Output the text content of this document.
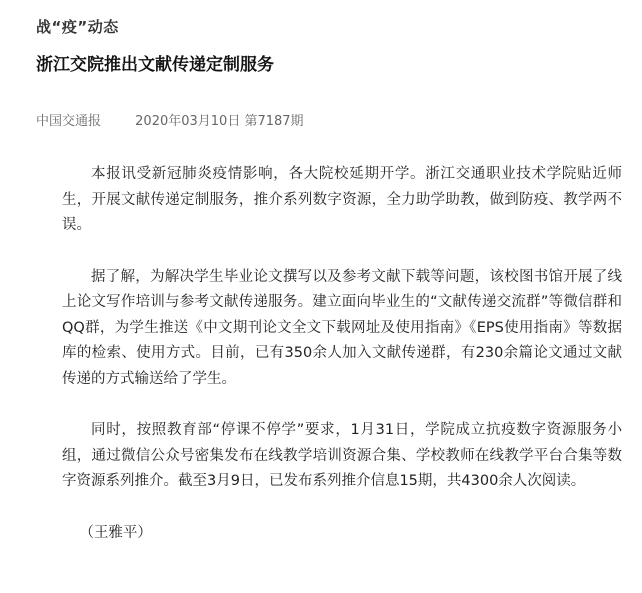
战“疫”动态
浙江交院推出文献传递定制服务
中国交通报	2020年03月10日 第7187期

本报讯受新冠肺炎疫情影响，各大院校延期开学。浙江交通职业技术学院贴近师生，开展文献传递定制服务，推介系列数字资源，全力助学助教，做到防疫、教学两不误。

据了解，为解决学生毕业论文撰写以及参考文献下载等问题，该校图书馆开展了线上论文写作培训与参考文献传递服务。建立面向毕业生的“文献传递交流群”等微信群和QQ群，为学生推送《中文期刊论文全文下载网址及使用指南》《EPS使用指南》等数据库的检索、使用方式。目前，已有350余人加入文献传递群，有230余篇论文通过文献传递的方式输送给了学生。

同时，按照教育部“停课不停学”要求，1月31日，学院成立抗疫数字资源服务小组，通过微信公众号密集发布在线教学培训资源合集、学校教师在线教学平台合集等数字资源系列推介。截至3月9日，已发布系列推介信息15期，共4300余人次阅读。

（王雅平）
